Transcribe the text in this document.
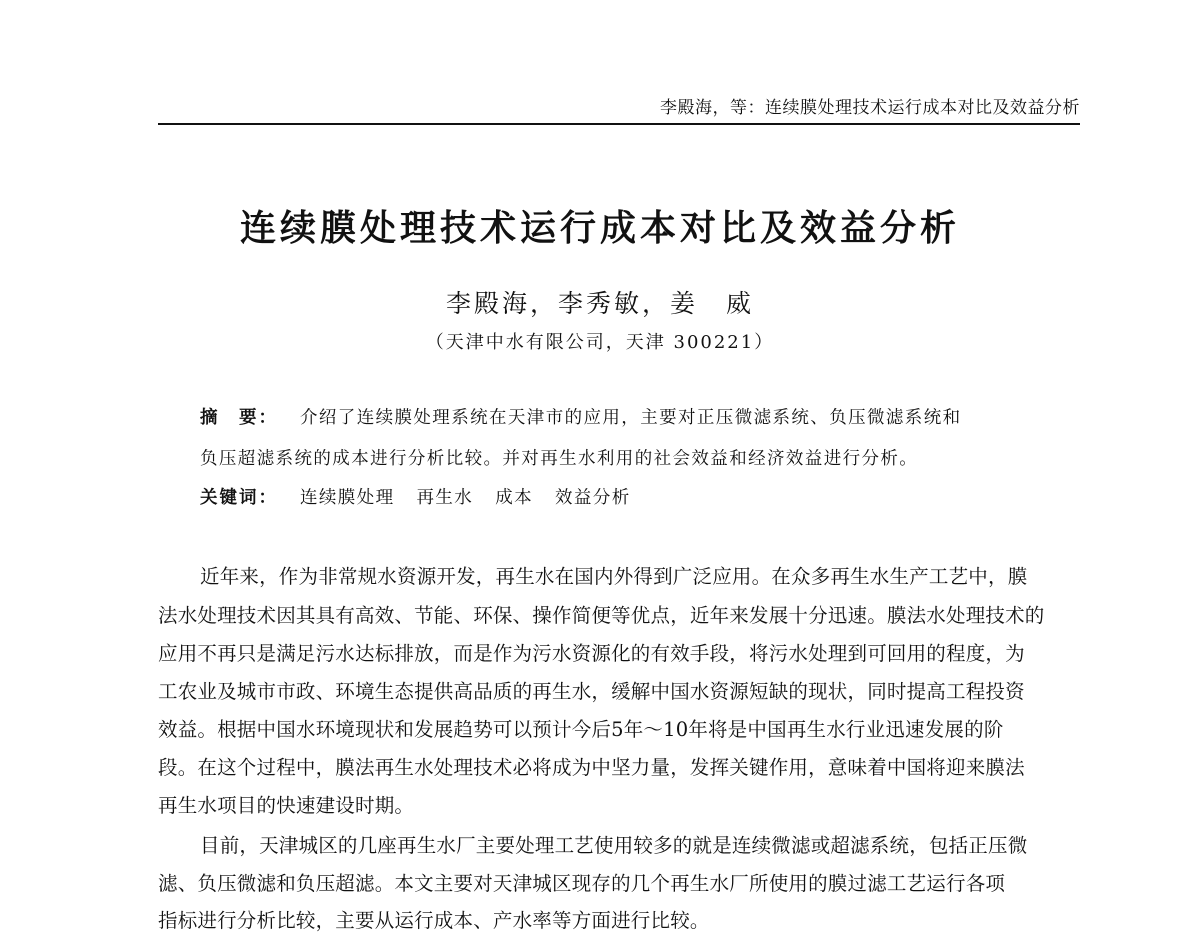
李殿海，等：连续膜处理技术运行成本对比及效益分析
连续膜处理技术运行成本对比及效益分析
李殿海，李秀敏，姜　威
（天津中水有限公司，天津 300221）
摘　要： 介绍了连续膜处理系统在天津市的应用，主要对正压微滤系统、负压微滤系统和
负压超滤系统的成本进行分析比较。并对再生水利用的社会效益和经济效益进行分析。
关键词： 连续膜处理 再生水 成本 效益分析
近年来，作为非常规水资源开发，再生水在国内外得到广泛应用。在众多再生水生产工艺中，膜
法水处理技术因其具有高效、节能、环保、操作简便等优点，近年来发展十分迅速。膜法水处理技术的
应用不再只是满足污水达标排放，而是作为污水资源化的有效手段，将污水处理到可回用的程度，为
工农业及城市市政、环境生态提供高品质的再生水，缓解中国水资源短缺的现状，同时提高工程投资
效益。根据中国水环境现状和发展趋势可以预计今后5年～10年将是中国再生水行业迅速发展的阶
段。在这个过程中，膜法再生水处理技术必将成为中坚力量，发挥关键作用，意味着中国将迎来膜法
再生水项目的快速建设时期。
目前，天津城区的几座再生水厂主要处理工艺使用较多的就是连续微滤或超滤系统，包括正压微
滤、负压微滤和负压超滤。本文主要对天津城区现存的几个再生水厂所使用的膜过滤工艺运行各项
指标进行分析比较，主要从运行成本、产水率等方面进行比较。
